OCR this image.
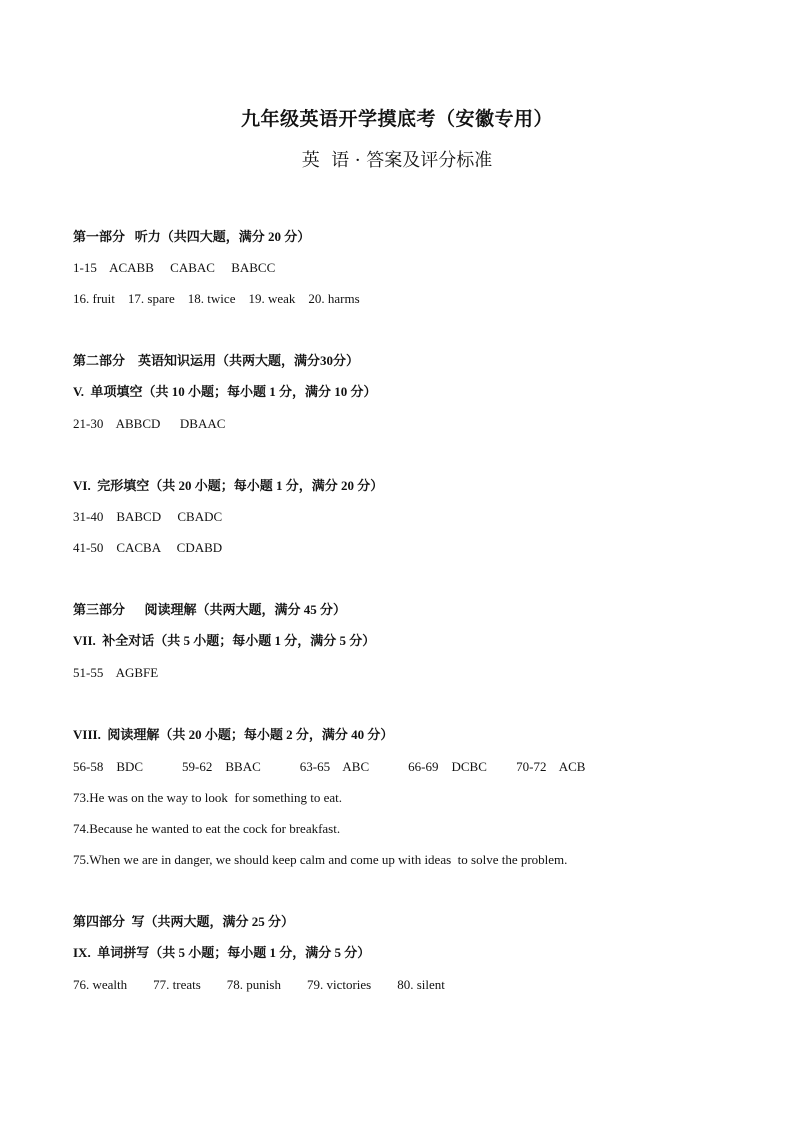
九年级英语开学摸底考（安徽专用）
英  语 · 答案及评分标准
第一部分   听力（共四大题，满分 20 分）
1-15    ACABB     CABAC     BABCC
16. fruit    17. spare    18. twice    19. weak    20. harms
第二部分    英语知识运用（共两大题，满分30分）
V.  单项填空（共 10 小题；每小题 1 分，满分 10 分）
21-30    ABBCD      DBAAC
VI.  完形填空（共 20 小题；每小题 1 分，满分 20 分）
31-40    BABCD     CBADC
41-50    CACBA     CDABD
第三部分      阅读理解（共两大题，满分 45 分）
VII.  补全对话（共 5 小题；每小题 1 分，满分 5 分）
51-55    AGBFE
VIII.  阅读理解（共 20 小题；每小题 2 分，满分 40 分）
56-58    BDC            59-62    BBAC            63-65    ABC            66-69    DCBC         70-72    ACB
73.He was on the way to look  for something to eat.
74.Because he wanted to eat the cock for breakfast.
75.When we are in danger, we should keep calm and come up with ideas  to solve the problem.
第四部分  写（共两大题，满分 25 分）
IX.  单词拼写（共 5 小题；每小题 1 分，满分 5 分）
76. wealth        77. treats        78. punish        79. victories        80. silent
